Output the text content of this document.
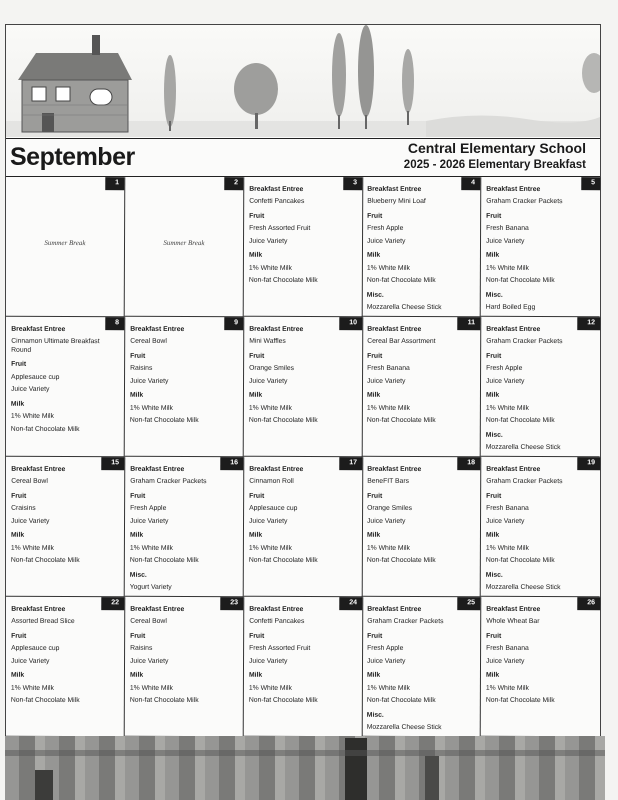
September	Central Elementary School
2025 - 2026 Elementary Breakfast
1
Summer Break
2
Summer Break
3
Breakfast Entree
Confetti Pancakes
Fruit
Fresh Assorted Fruit
Juice Variety
Milk
1% White Milk
Non-fat Chocolate Milk
4
Breakfast Entree
Blueberry Mini Loaf
Fruit
Fresh Apple
Juice Variety
Milk
1% White Milk
Non-fat Chocolate Milk
Misc.
Mozzarella Cheese Stick
5
Breakfast Entree
Graham Cracker Packets
Fruit
Fresh Banana
Juice Variety
Milk
1% White Milk
Non-fat Chocolate Milk
Misc.
Hard Boiled Egg
8
Breakfast Entree
Cinnamon Ultimate Breakfast Round
Fruit
Applesauce cup
Juice Variety
Milk
1% White Milk
Non-fat Chocolate Milk
9
Breakfast Entree
Cereal Bowl
Fruit
Raisins
Juice Variety
Milk
1% White Milk
Non-fat Chocolate Milk
10
Breakfast Entree
Mini Waffles
Fruit
Orange Smiles
Juice Variety
Milk
1% White Milk
Non-fat Chocolate Milk
11
Breakfast Entree
Cereal Bar Assortment
Fruit
Fresh Banana
Juice Variety
Milk
1% White Milk
Non-fat Chocolate Milk
12
Breakfast Entree
Graham Cracker Packets
Fruit
Fresh Apple
Juice Variety
Milk
1% White Milk
Non-fat Chocolate Milk
Misc.
Mozzarella Cheese Stick
15
Breakfast Entree
Cereal Bowl
Fruit
Craisins
Juice Variety
Milk
1% White Milk
Non-fat Chocolate Milk
16
Breakfast Entree
Graham Cracker Packets
Fruit
Fresh Apple
Juice Variety
Milk
1% White Milk
Non-fat Chocolate Milk
Misc.
Yogurt Variety
17
Breakfast Entree
Cinnamon Roll
Fruit
Applesauce cup
Juice Variety
Milk
1% White Milk
Non-fat Chocolate Milk
18
Breakfast Entree
BeneFIT Bars
Fruit
Orange Smiles
Juice Variety
Milk
1% White Milk
Non-fat Chocolate Milk
19
Breakfast Entree
Graham Cracker Packets
Fruit
Fresh Banana
Juice Variety
Milk
1% White Milk
Non-fat Chocolate Milk
Misc.
Mozzarella Cheese Stick
22
Breakfast Entree
Assorted Bread Slice
Fruit
Applesauce cup
Juice Variety
Milk
1% White Milk
Non-fat Chocolate Milk
23
Breakfast Entree
Cereal Bowl
Fruit
Raisins
Juice Variety
Milk
1% White Milk
Non-fat Chocolate Milk
24
Breakfast Entree
Confetti Pancakes
Fruit
Fresh Assorted Fruit
Juice Variety
Milk
1% White Milk
Non-fat Chocolate Milk
25
Breakfast Entree
Graham Cracker Packets
Fruit
Fresh Apple
Juice Variety
Milk
1% White Milk
Non-fat Chocolate Milk
Misc.
Mozzarella Cheese Stick
26
Breakfast Entree
Whole Wheat Bar
Fruit
Fresh Banana
Juice Variety
Milk
1% White Milk
Non-fat Chocolate Milk
